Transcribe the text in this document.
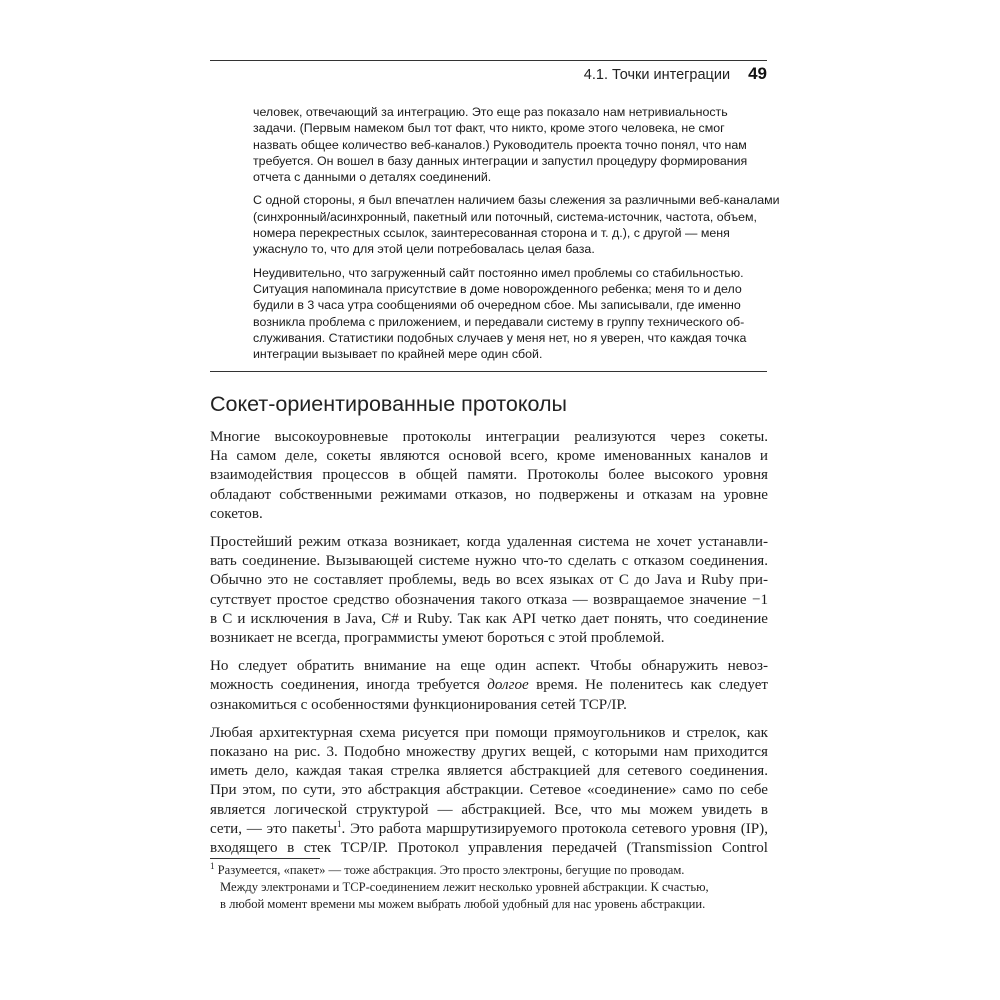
4.1. Точки интеграции 49

человек, отвечающий за интеграцию. Это еще раз показало нам нетривиальность
задачи. (Первым намеком был тот факт, что никто, кроме этого человека, не смог
назвать общее количество веб-каналов.) Руководитель проекта точно понял, что нам
требуется. Он вошел в базу данных интеграции и запустил процедуру формирования
отчета с данными о деталях соединений.

С одной стороны, я был впечатлен наличием базы слежения за различными веб-каналами
(синхронный/асинхронный, пакетный или поточный, система-источник, частота, объем,
номера перекрестных ссылок, заинтересованная сторона и т. д.), с другой — меня
ужаснуло то, что для этой цели потребовалась целая база.

Неудивительно, что загруженный сайт постоянно имел проблемы со стабильностью.
Ситуация напоминала присутствие в доме новорожденного ребенка; меня то и дело
будили в 3 часа утра сообщениями об очередном сбое. Мы записывали, где именно
возникла проблема с приложением, и передавали систему в группу технического об-
служивания. Статистики подобных случаев у меня нет, но я уверен, что каждая точка
интеграции вызывает по крайней мере один сбой.

Сокет-ориентированные протоколы

Многие высокоуровневые протоколы интеграции реализуются через сокеты.
На самом деле, сокеты являются основой всего, кроме именованных каналов и
взаимодействия процессов в общей памяти. Протоколы более высокого уровня
обладают собственными режимами отказов, но подвержены и отказам на уровне
сокетов.

Простейший режим отказа возникает, когда удаленная система не хочет устанавли-
вать соединение. Вызывающей системе нужно что-то сделать с отказом соединения.
Обычно это не составляет проблемы, ведь во всех языках от C до Java и Ruby при-
сутствует простое средство обозначения такого отказа — возвращаемое значение −1
в C и исключения в Java, C# и Ruby. Так как API четко дает понять, что соединение
возникает не всегда, программисты умеют бороться с этой проблемой.

Но следует обратить внимание на еще один аспект. Чтобы обнаружить невоз-
можность соединения, иногда требуется долгое время. Не поленитесь как следует
ознакомиться с особенностями функционирования сетей TCP/IP.

Любая архитектурная схема рисуется при помощи прямоугольников и стрелок, как
показано на рис. 3. Подобно множеству других вещей, с которыми нам приходится
иметь дело, каждая такая стрелка является абстракцией для сетевого соединения.
При этом, по сути, это абстракция абстракции. Сетевое «соединение» само по себе
является логической структурой — абстракцией. Все, что мы можем увидеть в
сети, — это пакеты$^1$. Это работа маршрутизируемого протокола сетевого уровня (IP),
входящего в стек TCP/IP. Протокол управления передачей (Transmission Control

$^1$ Разумеется, «пакет» — тоже абстракция. Это просто электроны, бегущие по проводам.
Между электронами и TCP-соединением лежит несколько уровней абстракции. К счастью,
в любой момент времени мы можем выбрать любой удобный для нас уровень абстракции.
